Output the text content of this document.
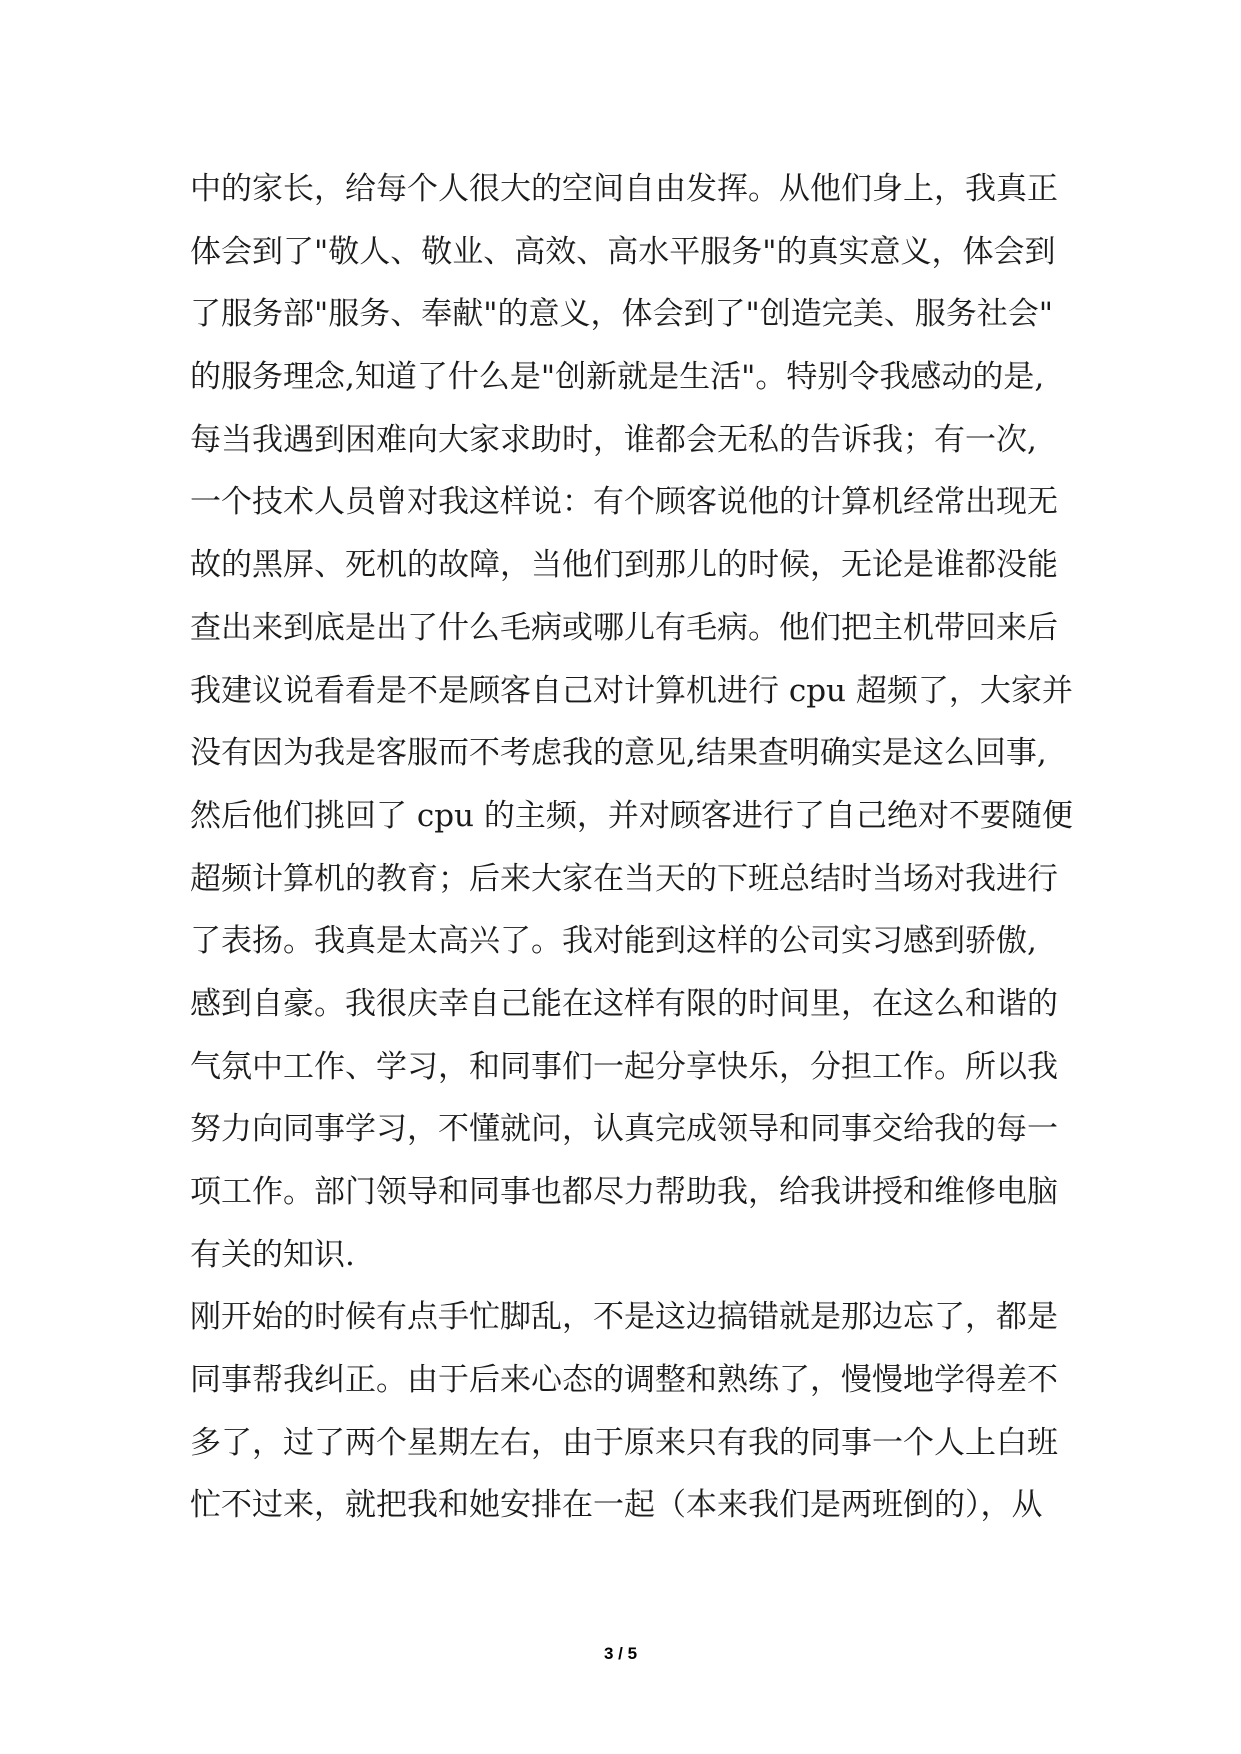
中的家长，给每个人很大的空间自由发挥。从他们身上，我真正
体会到了"敬人、敬业、高效、高水平服务"的真实意义，体会到
了服务部"服务、奉献"的意义，体会到了"创造完美、服务社会"
的服务理念,知道了什么是"创新就是生活"。特别令我感动的是,
每当我遇到困难向大家求助时，谁都会无私的告诉我；有一次,
一个技术人员曾对我这样说：有个顾客说他的计算机经常出现无
故的黑屏、死机的故障，当他们到那儿的时候，无论是谁都没能
查出来到底是出了什么毛病或哪儿有毛病。他们把主机带回来后
我建议说看看是不是顾客自己对计算机进行 cpu 超频了，大家并
没有因为我是客服而不考虑我的意见,结果查明确实是这么回事,
然后他们挑回了 cpu 的主频，并对顾客进行了自己绝对不要随便
超频计算机的教育；后来大家在当天的下班总结时当场对我进行
了表扬。我真是太高兴了。我对能到这样的公司实习感到骄傲,
感到自豪。我很庆幸自己能在这样有限的时间里，在这么和谐的
气氛中工作、学习，和同事们一起分享快乐，分担工作。所以我
努力向同事学习，不懂就问，认真完成领导和同事交给我的每一
项工作。部门领导和同事也都尽力帮助我，给我讲授和维修电脑
有关的知识.
刚开始的时候有点手忙脚乱，不是这边搞错就是那边忘了，都是
同事帮我纠正。由于后来心态的调整和熟练了，慢慢地学得差不
多了，过了两个星期左右，由于原来只有我的同事一个人上白班
忙不过来，就把我和她安排在一起（本来我们是两班倒的），从
3 / 5
